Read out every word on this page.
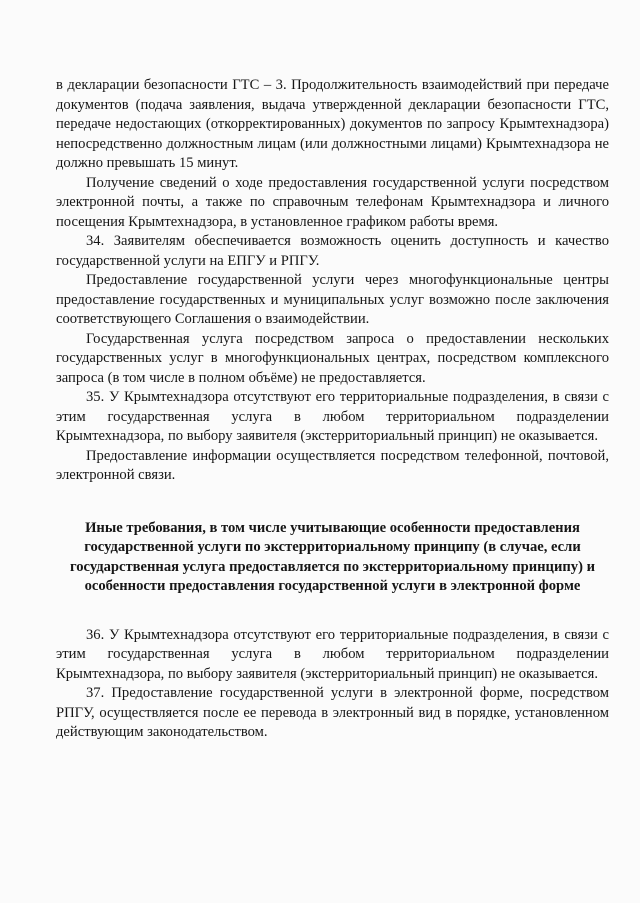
в декларации безопасности ГТС – 3. Продолжительность взаимодействий при передаче документов (подача заявления, выдача утвержденной декларации безопасности ГТС, передаче недостающих (откорректированных) документов по запросу Крымтехнадзора) непосредственно должностным лицам (или должностными лицами) Крымтехнадзора не должно превышать 15 минут.

Получение сведений о ходе предоставления государственной услуги посредством электронной почты, а также по справочным телефонам Крымтехнадзора и личного посещения Крымтехнадзора, в установленное графиком работы время.

34. Заявителям обеспечивается возможность оценить доступность и качество государственной услуги на ЕПГУ и РПГУ.

Предоставление государственной услуги через многофункциональные центры предоставление государственных и муниципальных услуг возможно после заключения соответствующего Соглашения о взаимодействии.

Государственная услуга посредством запроса о предоставлении нескольких государственных услуг в многофункциональных центрах, посредством комплексного запроса (в том числе в полном объёме) не предоставляется.

35. У Крымтехнадзора отсутствуют его территориальные подразделения, в связи с этим государственная услуга в любом территориальном подразделении Крымтехнадзора, по выбору заявителя (экстерриториальный принцип) не оказывается.

Предоставление информации осуществляется посредством телефонной, почтовой, электронной связи.

Иные требования, в том числе учитывающие особенности предоставления
государственной услуги по экстерриториальному принципу (в случае, если
государственная услуга предоставляется по экстерриториальному принципу) и
особенности предоставления государственной услуги в электронной форме

36. У Крымтехнадзора отсутствуют его территориальные подразделения, в связи с этим государственная услуга в любом территориальном подразделении Крымтехнадзора, по выбору заявителя (экстерриториальный принцип) не оказывается.

37. Предоставление государственной услуги в электронной форме, посредством РПГУ, осуществляется после ее перевода в электронный вид в порядке, установленном действующим законодательством.
